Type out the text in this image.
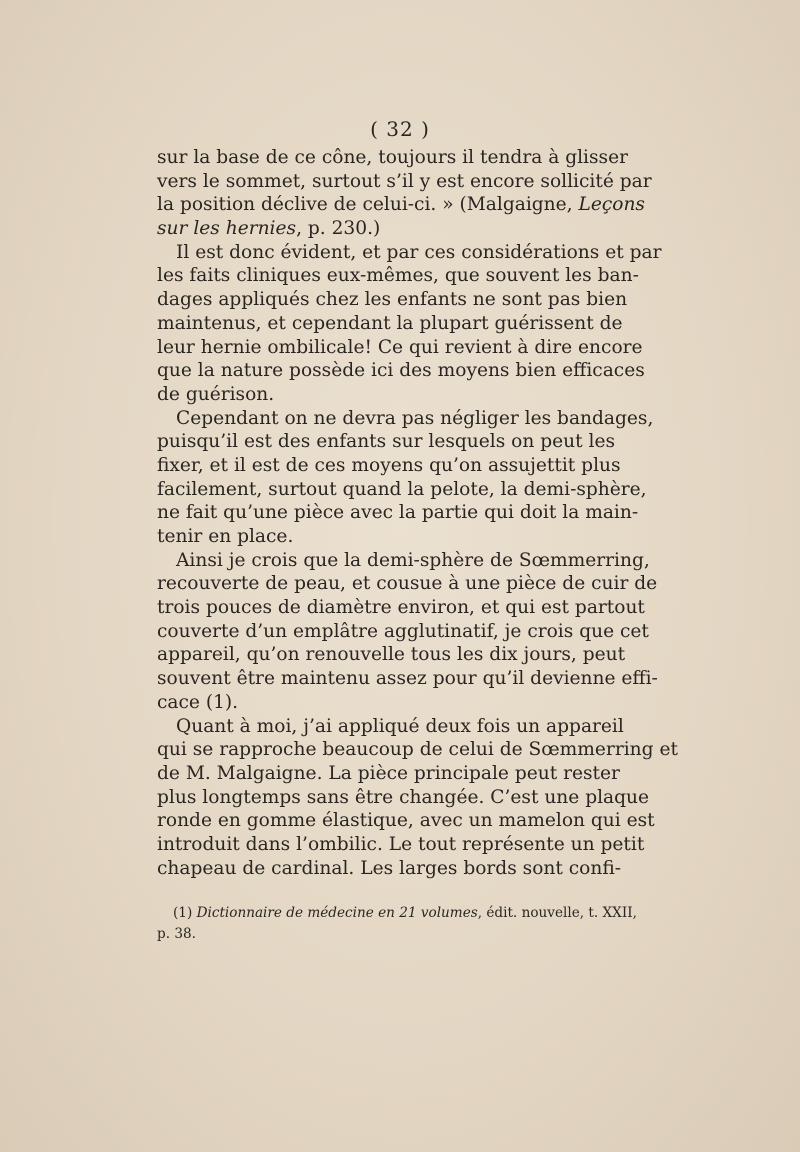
( 32 )
sur la base de ce cône, toujours il tendra à glisser
vers le sommet, surtout s’il y est encore sollicité par
la position déclive de celui-ci. » (Malgaigne, Leçons
sur les hernies, p. 230.)
Il est donc évident, et par ces considérations et par
les faits cliniques eux-mêmes, que souvent les ban-
dages appliqués chez les enfants ne sont pas bien
maintenus, et cependant la plupart guérissent de
leur hernie ombilicale! Ce qui revient à dire encore
que la nature possède ici des moyens bien efficaces
de guérison.
Cependant on ne devra pas négliger les bandages,
puisqu’il est des enfants sur lesquels on peut les
fixer, et il est de ces moyens qu’on assujettit plus
facilement, surtout quand la pelote, la demi-sphère,
ne fait qu’une pièce avec la partie qui doit la main-
tenir en place.
Ainsi je crois que la demi-sphère de Sœmmerring,
recouverte de peau, et cousue à une pièce de cuir de
trois pouces de diamètre environ, et qui est partout
couverte d’un emplâtre agglutinatif, je crois que cet
appareil, qu’on renouvelle tous les dix jours, peut
souvent être maintenu assez pour qu’il devienne effi-
cace (1).
Quant à moi, j’ai appliqué deux fois un appareil
qui se rapproche beaucoup de celui de Sœmmerring et
de M. Malgaigne. La pièce principale peut rester
plus longtemps sans être changée. C’est une plaque
ronde en gomme élastique, avec un mamelon qui est
introduit dans l’ombilic. Le tout représente un petit
chapeau de cardinal. Les larges bords sont confi-
(1) Dictionnaire de médecine en 21 volumes, édit. nouvelle, t. XXII,
p. 38.
